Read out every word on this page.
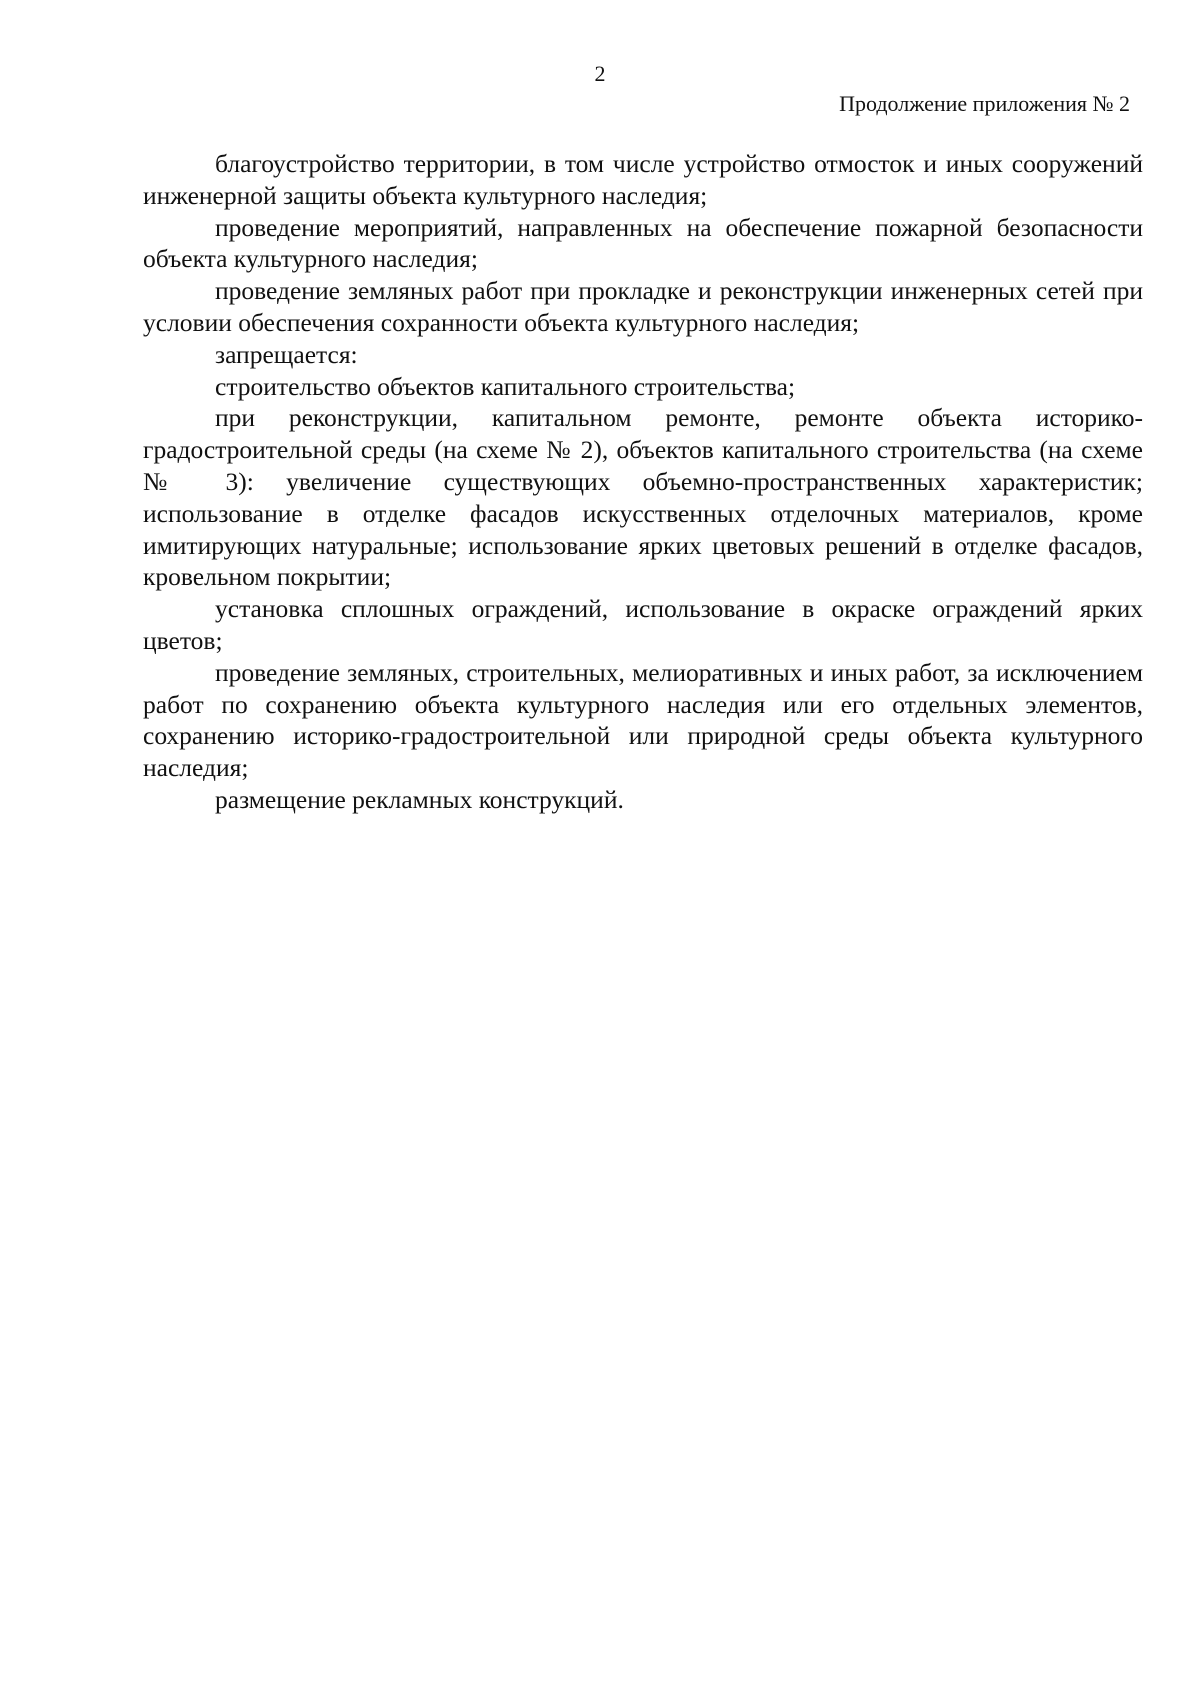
2
Продолжение приложения № 2

благоустройство территории, в том числе устройство отмосток и иных сооружений инженерной защиты объекта культурного наследия;

проведение мероприятий, направленных на обеспечение пожарной безопасности объекта культурного наследия;

проведение земляных работ при прокладке и реконструкции инженерных сетей при условии обеспечения сохранности объекта культурного наследия;

запрещается:

строительство объектов капитального строительства;

при реконструкции, капитальном ремонте, ремонте объекта историко-градостроительной среды (на схеме № 2), объектов капитального строительства (на схеме № 3): увеличение существующих объемно-пространственных характеристик; использование в отделке фасадов искусственных отделочных материалов, кроме имитирующих натуральные; использование ярких цветовых решений в отделке фасадов, кровельном покрытии;

установка сплошных ограждений, использование в окраске ограждений ярких цветов;

проведение земляных, строительных, мелиоративных и иных работ, за исключением работ по сохранению объекта культурного наследия или его отдельных элементов, сохранению историко-градостроительной или природной среды объекта культурного наследия;

размещение рекламных конструкций.
